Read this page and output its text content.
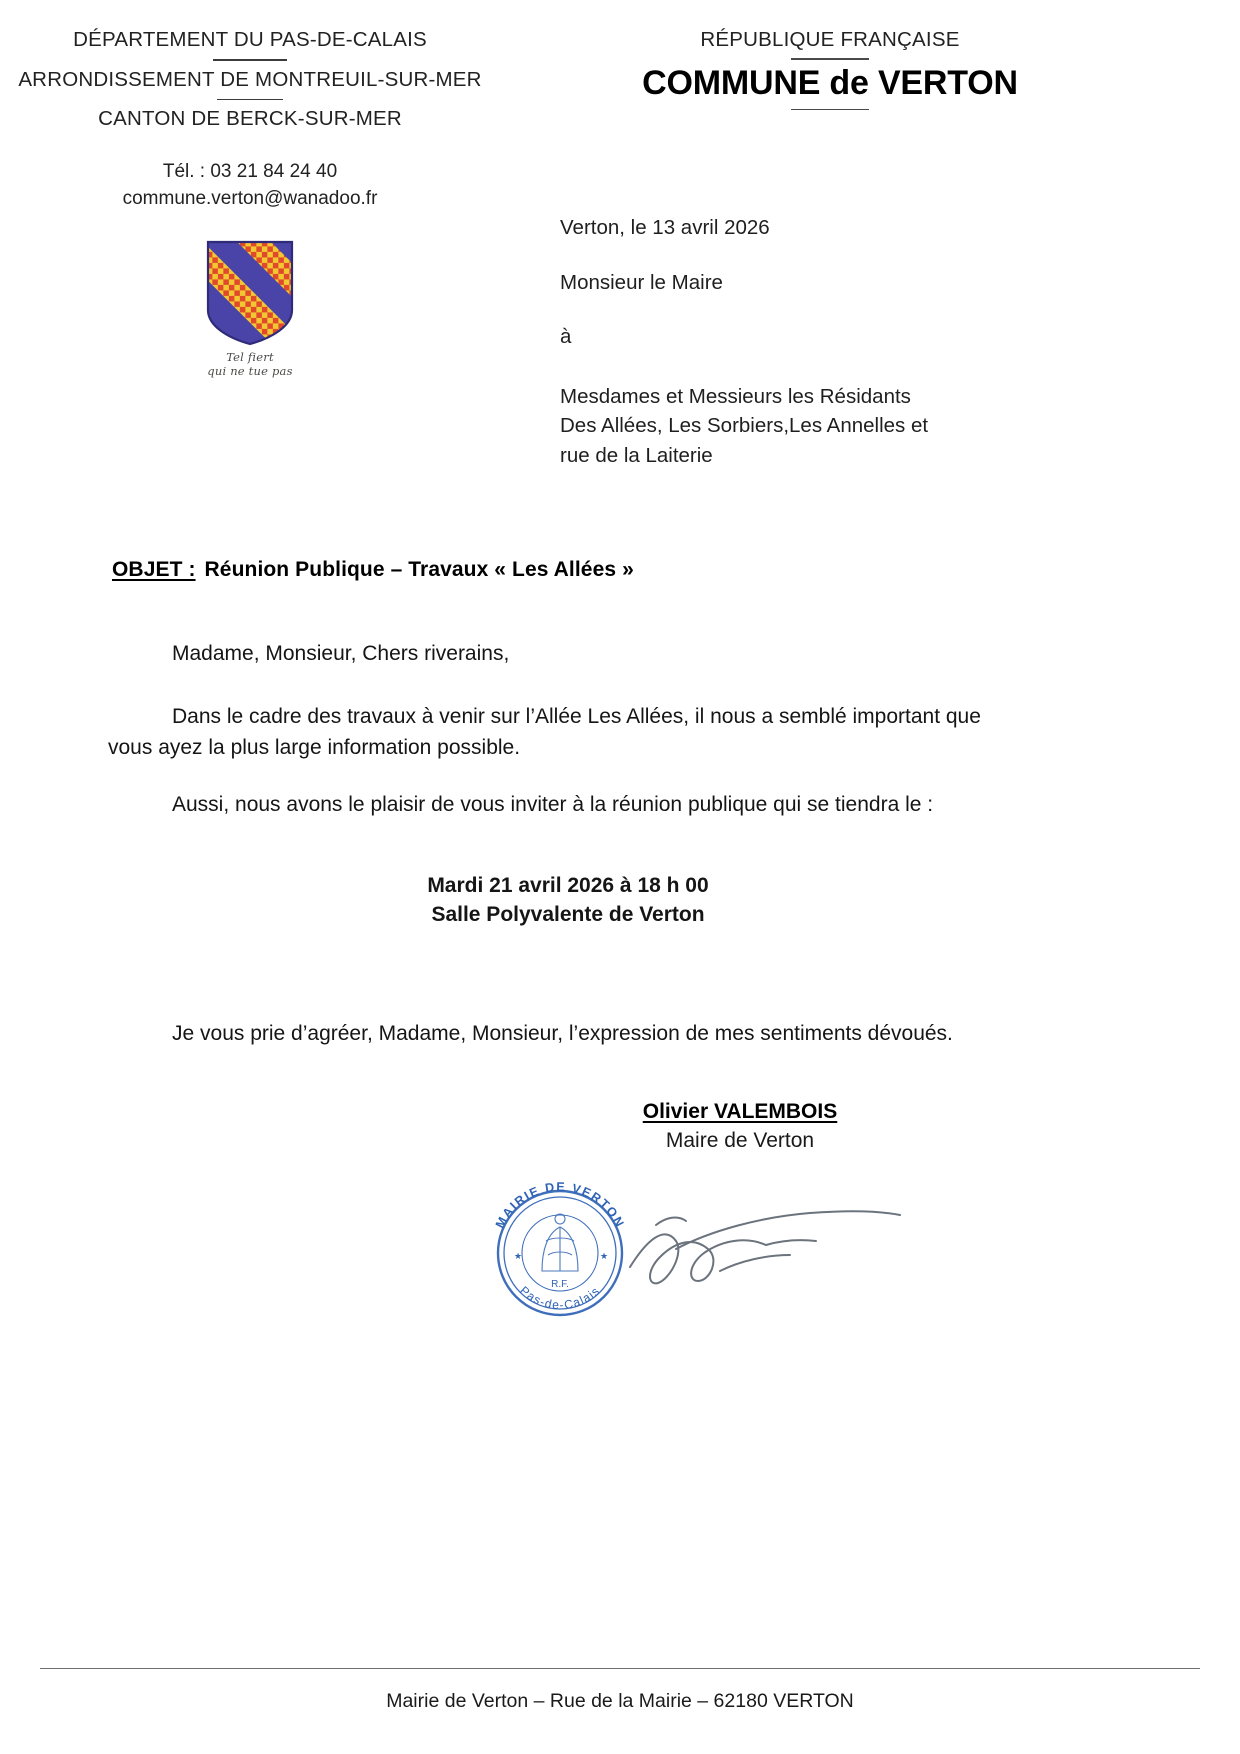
DÉPARTEMENT DU PAS-DE-CALAIS
ARRONDISSEMENT DE MONTREUIL-SUR-MER
CANTON DE BERCK-SUR-MER
Tél. : 03 21 84 24 40
commune.verton@wanadoo.fr
Tel fiert
qui ne tue pas
RÉPUBLIQUE FRANÇAISE
COMMUNE de VERTON
Verton, le 13 avril 2026
Monsieur le Maire
à
Mesdames et Messieurs les Résidants
Des Allées, Les Sorbiers,Les Annelles et
rue de la Laiterie
OBJET : Réunion Publique – Travaux « Les Allées »
Madame, Monsieur, Chers riverains,
Dans le cadre des travaux à venir sur l’Allée Les Allées, il nous a semblé important que vous ayez la plus large information possible.
Aussi, nous avons le plaisir de vous inviter à la réunion publique qui se tiendra le :
Mardi 21 avril 2026 à 18 h 00
Salle Polyvalente de Verton
Je vous prie d’agréer, Madame, Monsieur, l’expression de mes sentiments dévoués.
Olivier VALEMBOIS
Maire de Verton
MAIRIE DE VERTON
Pas-de-Calais
R.F.
★	★
Mairie de Verton – Rue de la Mairie – 62180 VERTON
